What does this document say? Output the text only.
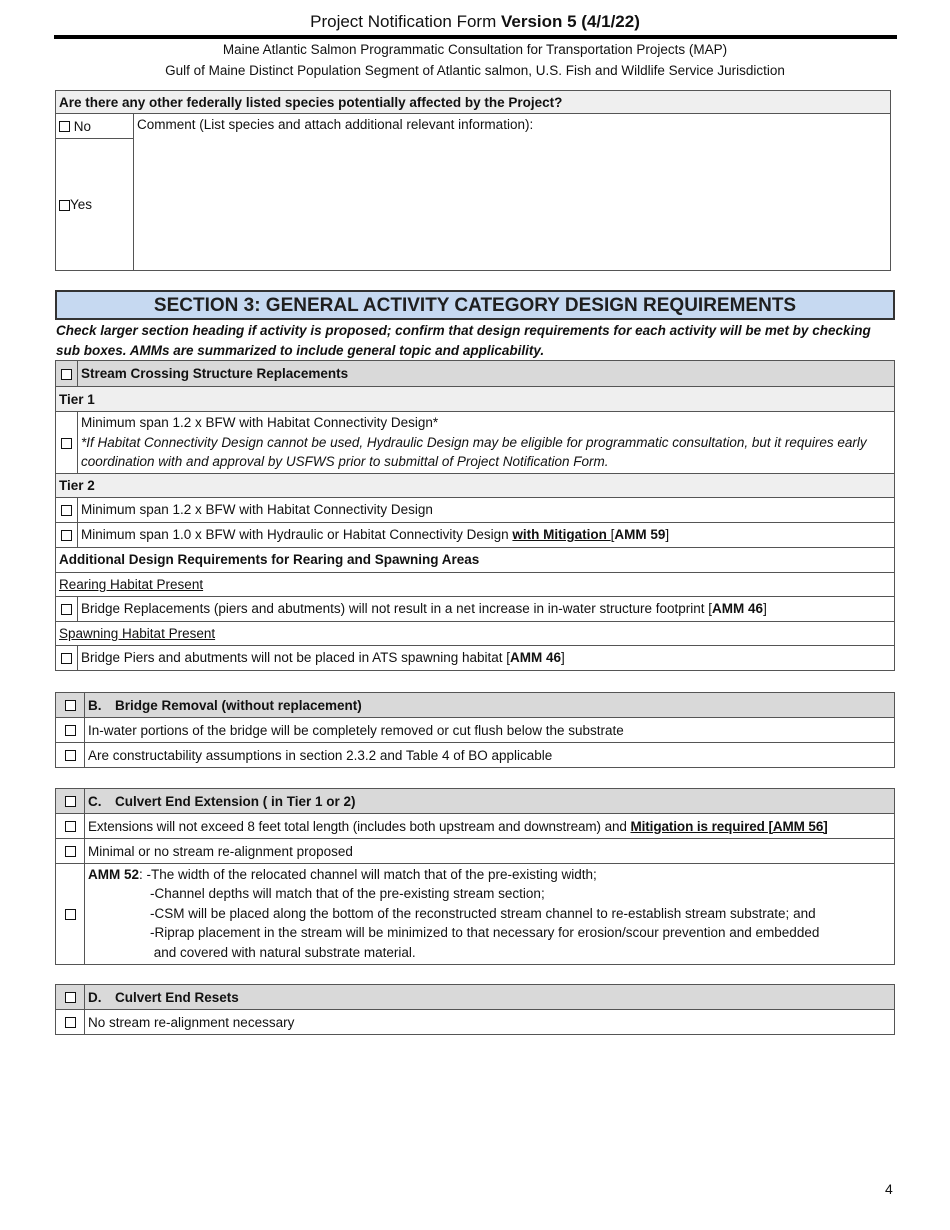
Project Notification Form Version 5 (4/1/22)
Maine Atlantic Salmon Programmatic Consultation for Transportation Projects (MAP)
Gulf of Maine Distinct Population Segment of Atlantic salmon, U.S. Fish and Wildlife Service Jurisdiction
Are there any other federally listed species potentially affected by the Project?
No	Comment (List species and attach additional relevant information):
Yes
SECTION 3: GENERAL ACTIVITY CATEGORY DESIGN REQUIREMENTS
Check larger section heading if activity is proposed; confirm that design requirements for each activity will be met by checking sub boxes. AMMs are summarized to include general topic and applicability.
	Stream Crossing Structure Replacements
Tier 1	

	Minimum span 1.2 x BFW with Habitat Connectivity Design*
*If Habitat Connectivity Design cannot be used, Hydraulic Design may be eligible for programmatic consultation, but it requires early coordination with and approval by USFWS prior to submittal of Project Notification Form.

Tier 2	
	Minimum span 1.2 x BFW with Habitat Connectivity Design
	Minimum span 1.0 x BFW with Hydraulic or Habitat Connectivity Design with Mitigation [AMM 59]
Additional Design Requirements for Rearing and Spawning Areas	
Rearing Habitat Present	
	Bridge Replacements (piers and abutments) will not result in a net increase in in-water structure footprint [AMM 46]
Spawning Habitat Present	
	Bridge Piers and abutments will not be placed in ATS spawning habitat [AMM 46]
	B. Bridge Removal (without replacement)
	In-water portions of the bridge will be completely removed or cut flush below the substrate
	Are constructability assumptions in section 2.3.2 and Table 4 of BO applicable
	C. Culvert End Extension ( in Tier 1 or 2)
	Extensions will not exceed 8 feet total length (includes both upstream and downstream) and Mitigation is required [AMM 56]
	Minimal or no stream re-alignment proposed

	AMM 52: -The width of the relocated channel will match that of the pre-existing width;
-Channel depths will match that of the pre-existing stream section;
-CSM will be placed along the bottom of the reconstructed stream channel to re-establish stream substrate; and
-Riprap placement in the stream will be minimized to that necessary for erosion/scour prevention and embedded
and covered with natural substrate material.
	D. Culvert End Resets
	No stream re-alignment necessary
4
